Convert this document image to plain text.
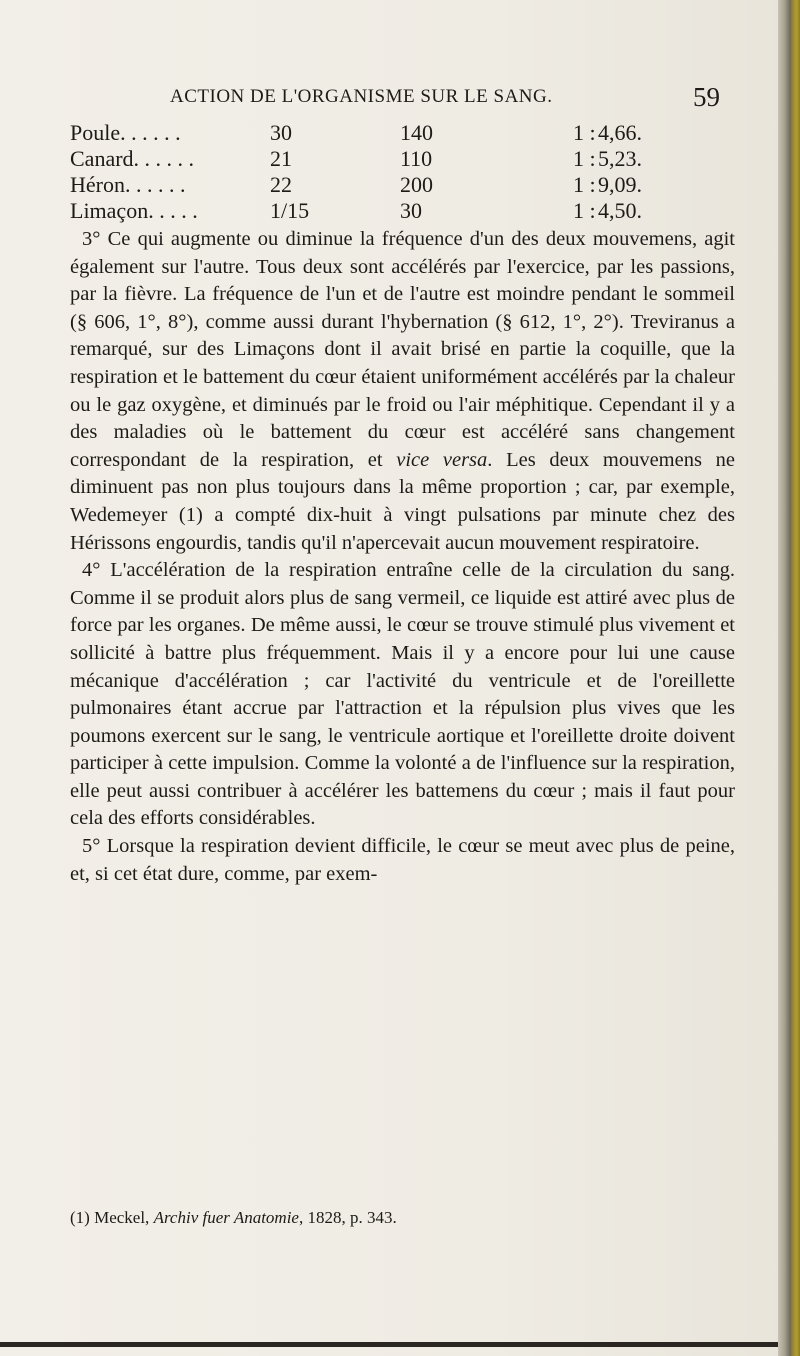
ACTION DE L'ORGANISME SUR LE SANG.	59
Poule. . . . . .	30	140	1 : 4,66.
Canard. . . . . .	21	110	1 : 5,23.
Héron. . . . . .	22	200	1 : 9,09.
Limaçon. . . . .	1/15	30	1 : 4,50.

3° Ce qui augmente ou diminue la fréquence d'un des deux mouvemens, agit également sur l'autre. Tous deux sont accélérés par l'exercice, par les passions, par la fièvre. La fréquence de l'un et de l'autre est moindre pendant le sommeil (§ 606, 1°, 8°), comme aussi durant l'hybernation (§ 612, 1°, 2°). Treviranus a remarqué, sur des Limaçons dont il avait brisé en partie la coquille, que la respiration et le battement du cœur étaient uniformément accélérés par la chaleur ou le gaz oxygène, et diminués par le froid ou l'air méphitique. Cependant il y a des maladies où le battement du cœur est accéléré sans changement correspondant de la respiration, et vice versa. Les deux mouvemens ne diminuent pas non plus toujours dans la même proportion ; car, par exemple, Wedemeyer (1) a compté dix-huit à vingt pulsations par minute chez des Hérissons engourdis, tandis qu'il n'apercevait aucun mouvement respiratoire.

4° L'accélération de la respiration entraîne celle de la circulation du sang. Comme il se produit alors plus de sang vermeil, ce liquide est attiré avec plus de force par les organes. De même aussi, le cœur se trouve stimulé plus vivement et sollicité à battre plus fréquemment. Mais il y a encore pour lui une cause mécanique d'accélération ; car l'activité du ventricule et de l'oreillette pulmonaires étant accrue par l'attraction et la répulsion plus vives que les poumons exercent sur le sang, le ventricule aortique et l'oreillette droite doivent participer à cette impulsion. Comme la volonté a de l'influence sur la respiration, elle peut aussi contribuer à accélérer les battemens du cœur ; mais il faut pour cela des efforts considérables.

5° Lorsque la respiration devient difficile, le cœur se meut avec plus de peine, et, si cet état dure, comme, par exem-

(1) Meckel, Archiv fuer Anatomie, 1828, p. 343.
